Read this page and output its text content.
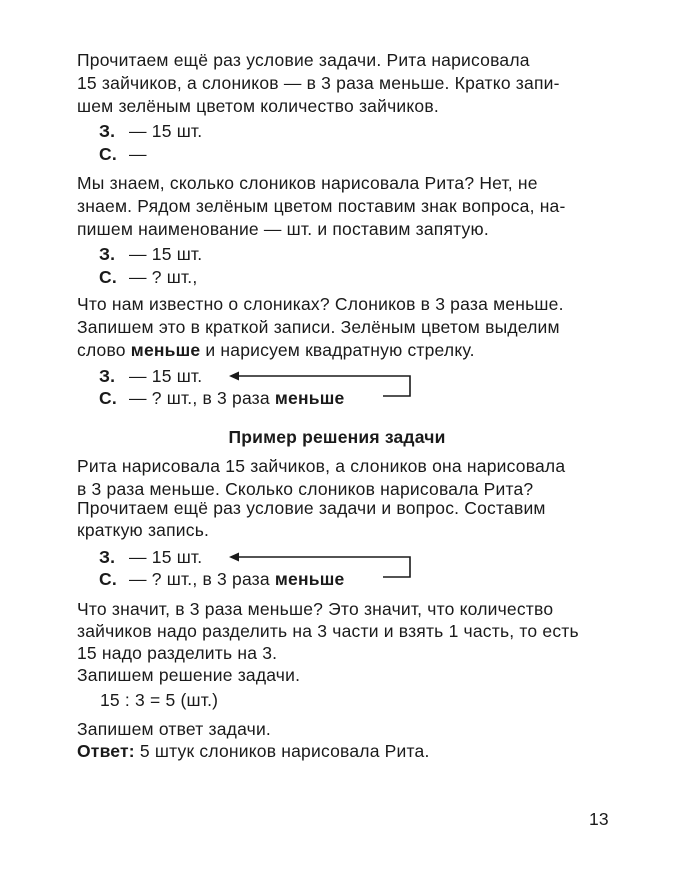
Прочитаем ещё раз условие задачи. Рита нарисовала
15 зайчиков, а слоников — в 3 раза меньше. Кратко запи-
шем зелёным цветом количество зайчиков.
З. — 15 шт.
С. —
Мы знаем, сколько слоников нарисовала Рита? Нет, не
знаем. Рядом зелёным цветом поставим знак вопроса, на-
пишем наименование — шт. и поставим запятую.
З. — 15 шт.
С. — ? шт.,
Что нам известно о слониках? Слоников в 3 раза меньше.
Запишем это в краткой записи. Зелёным цветом выделим
слово меньше и нарисуем квадратную стрелку.
З. — 15 шт.
С. — ? шт., в 3 раза меньше
Пример решения задачи
Рита нарисовала 15 зайчиков, а слоников она нарисовала
в 3 раза меньше. Сколько слоников нарисовала Рита?
Прочитаем ещё раз условие задачи и вопрос. Составим
краткую запись.
З. — 15 шт.
С. — ? шт., в 3 раза меньше
Что значит, в 3 раза меньше? Это значит, что количество
зайчиков надо разделить на 3 части и взять 1 часть, то есть
15 надо разделить на 3.
Запишем решение задачи.
15 : 3 = 5 (шт.)
Запишем ответ задачи.
Ответ: 5 штук слоников нарисовала Рита.
13
